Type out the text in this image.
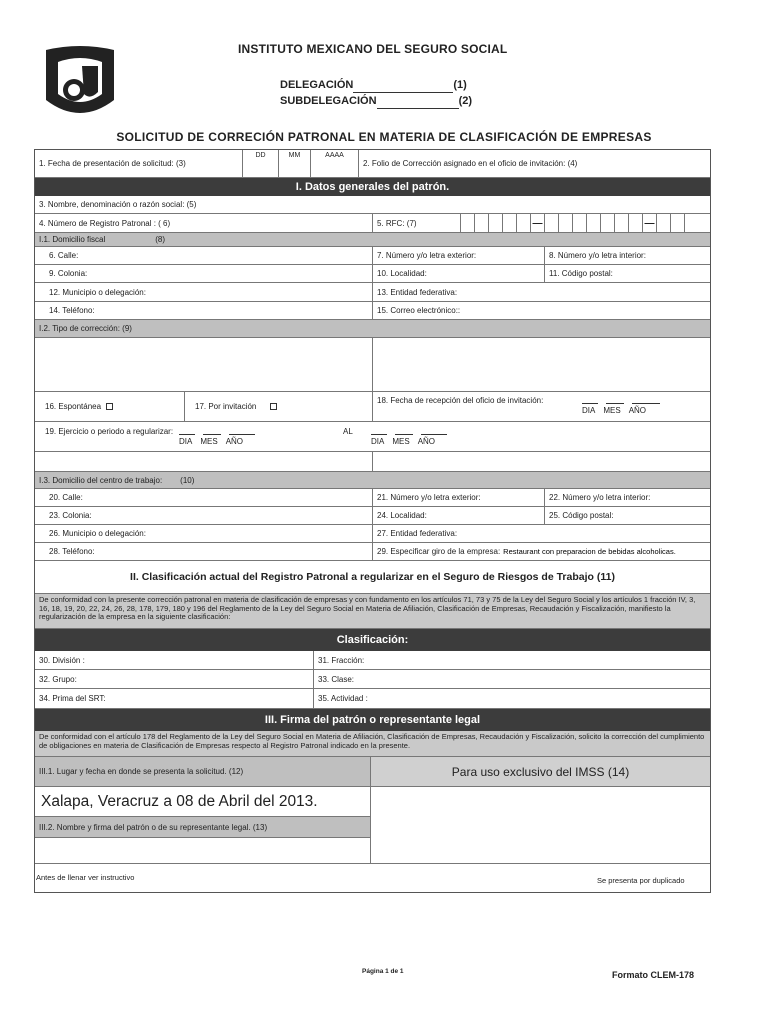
INSTITUTO MEXICANO DEL SEGURO SOCIAL
DELEGACIÓN	(1)
SUBDELEGACIÓN	(2)
SOLICITUD DE CORRECIÓN PATRONAL EN MATERIA DE CLASIFICACIÓN DE EMPRESAS
1. Fecha de presentación de solicitud: (3)
DD	MM	AAAA
2. Folio de Corrección asignado en el oficio de invitación: (4)
I. Datos generales del patrón.
3. Nombre, denominación o razón social: (5)
4. Número de Registro Patronal : ( 6)	5. RFC: (7)	—	—
I.1. Domicilio fiscal	(8)
6. Calle:	7. Número y/o letra exterior:	8. Número y/o letra interior:
9. Colonia:	10. Localidad:	11. Código postal:
12. Municipio o delegación:	13. Entidad federativa:
14. Teléfono:	15. Correo electrónico::
I.2. Tipo de corrección: (9)
16. Espontánea	17. Por invitación
18. Fecha de recepción del oficio de invitación:
DIA MES AÑO
19. Ejercicio o periodo a regularizar:
DIA MES AÑO
AL
DIA MES AÑO
I.3. Domicilio del centro de trabajo: (10)
20. Calle:	21. Número y/o letra exterior:	22. Número y/o letra interior:
23. Colonia:	24. Localidad:	25. Código postal:
26. Municipio o delegación:	27. Entidad federativa:
28. Teléfono:	29. Especificar giro de la empresa: Restaurant con preparacion de bebidas alcoholicas.
II. Clasificación actual del Registro Patronal a regularizar en el Seguro de Riesgos de Trabajo (11)
De conformidad con la presente corrección patronal en materia de clasificación de empresas y con fundamento en los artículos 71, 73 y 75 de la Ley del Seguro Social y los artículos 1 fracción IV, 3, 16, 18, 19, 20, 22, 24, 26, 28, 178, 179, 180 y 196 del Reglamento de la Ley del Seguro Social en Materia de Afiliación, Clasificación de Empresas, Recaudación y Fiscalización, manifiesto la regularización de la empresa en la siguiente clasificación:
Clasificación:
30. División :	31. Fracción:
32. Grupo:	33. Clase:
34. Prima del SRT:	35. Actividad :
III. Firma del patrón o representante legal
De conformidad con el artículo 178 del Reglamento de la Ley del Seguro Social en Materia de Afiliación, Clasificación de Empresas, Recaudación y Fiscalización, solicito la corrección del cumplimiento de obligaciones en materia de Clasificación de Empresas respecto al Registro Patronal indicado en la presente.
III.1. Lugar y fecha en donde se presenta la solicitud. (12)	Para uso exclusivo del IMSS (14)
Xalapa, Veracruz a 08 de Abril del 2013.
III.2. Nombre y firma del patrón o de su representante legal. (13)
Antes de llenar ver instructivo	Se presenta por duplicado
Página 1 de 1	Formato CLEM-178
